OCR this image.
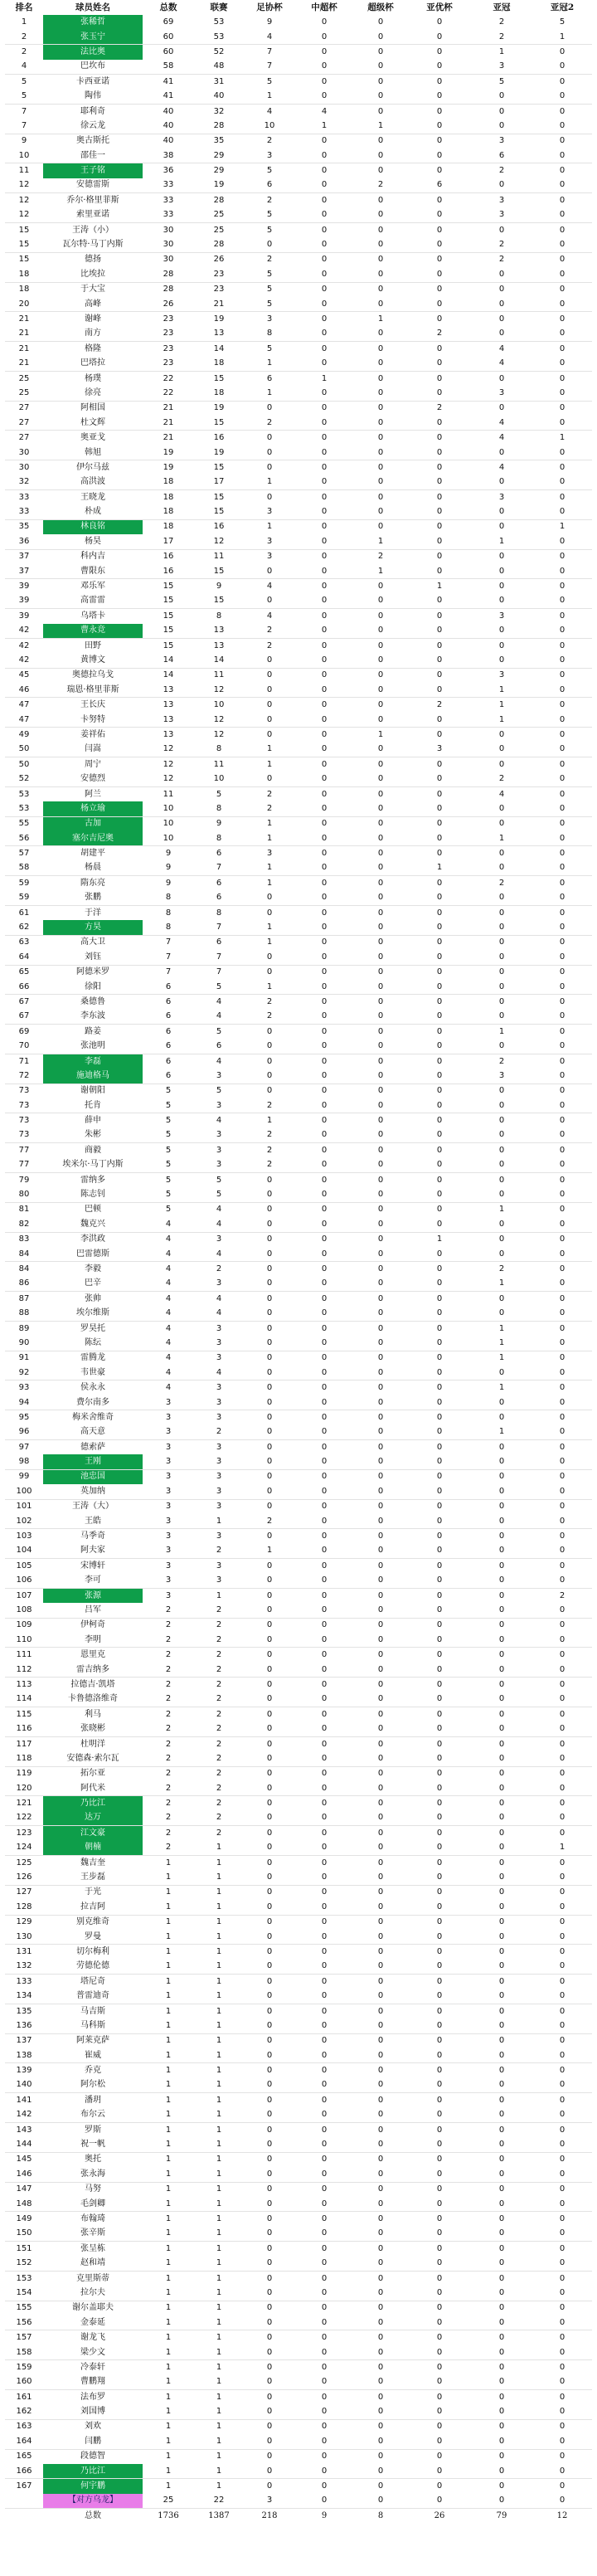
排名	球员姓名	总数	联赛	足协杯	中超杯	超级杯	亚优杯	亚冠	亚冠2
1	张稀哲	69	53	9	0	0	0	2	5
2	张玉宁	60	53	4	0	0	0	2	1
2	法比奥	60	52	7	0	0	0	1	0
4	巴坎布	58	48	7	0	0	0	3	0
5	卡西亚诺	41	31	5	0	0	0	5	0
5	陶伟	41	40	1	0	0	0	0	0
7	耶利奇	40	32	4	4	0	0	0	0
7	徐云龙	40	28	10	1	1	0	0	0
9	奥古斯托	40	35	2	0	0	0	3	0
10	邵佳一	38	29	3	0	0	0	6	0
11	王子铭	36	29	5	0	0	0	2	0
12	安德雷斯	33	19	6	0	2	6	0	0
12	乔尔·格里菲斯	33	28	2	0	0	0	3	0
12	索里亚诺	33	25	5	0	0	0	3	0
15	王涛（小）	30	25	5	0	0	0	0	0
15	瓦尔特·马丁内斯	30	28	0	0	0	0	2	0
15	德扬	30	26	2	0	0	0	2	0
18	比埃拉	28	23	5	0	0	0	0	0
18	于大宝	28	23	5	0	0	0	0	0
20	高峰	26	21	5	0	0	0	0	0
21	谢峰	23	19	3	0	1	0	0	0
21	南方	23	13	8	0	0	2	0	0
21	格隆	23	14	5	0	0	0	4	0
21	巴塔拉	23	18	1	0	0	0	4	0
25	杨璞	22	15	6	1	0	0	0	0
25	徐亮	22	18	1	0	0	0	3	0
27	阿相国	21	19	0	0	0	2	0	0
27	杜文辉	21	15	2	0	0	0	4	0
27	奥亚戈	21	16	0	0	0	0	4	1
30	韩旭	19	19	0	0	0	0	0	0
30	伊尔马兹	19	15	0	0	0	0	4	0
32	高洪波	18	17	1	0	0	0	0	0
33	王晓龙	18	15	0	0	0	0	3	0
33	朴成	18	15	3	0	0	0	0	0
35	林良铭	18	16	1	0	0	0	0	1
36	杨昊	17	12	3	0	1	0	1	0
37	科内吉	16	11	3	0	2	0	0	0
37	曹限东	16	15	0	0	1	0	0	0
39	邓乐军	15	9	4	0	0	1	0	0
39	高雷雷	15	15	0	0	0	0	0	0
39	乌塔卡	15	8	4	0	0	0	3	0
42	曹永竞	15	13	2	0	0	0	0	0
42	田野	15	13	2	0	0	0	0	0
42	黄博文	14	14	0	0	0	0	0	0
45	奥德拉乌戈	14	11	0	0	0	0	3	0
46	瑞恩·格里菲斯	13	12	0	0	0	0	1	0
47	王长庆	13	10	0	0	0	2	1	0
47	卡努特	13	12	0	0	0	0	1	0
49	姜祥佑	13	12	0	0	1	0	0	0
50	闫嵩	12	8	1	0	0	3	0	0
50	周宁	12	11	1	0	0	0	0	0
52	安德烈	12	10	0	0	0	0	2	0
53	阿兰	11	5	2	0	0	0	4	0
53	杨立瑜	10	8	2	0	0	0	0	0
55	古加	10	9	1	0	0	0	0	0
56	塞尔吉尼奥	10	8	1	0	0	0	1	0
57	胡建平	9	6	3	0	0	0	0	0
58	杨晨	9	7	1	0	0	1	0	0
59	隋东亮	9	6	1	0	0	0	2	0
59	张鹏	8	6	0	0	0	0	0	0
61	于洋	8	8	0	0	0	0	0	0
62	方昊	8	7	1	0	0	0	0	0
63	高大卫	7	6	1	0	0	0	0	0
64	刘钰	7	7	0	0	0	0	0	0
65	阿德米罗	7	7	0	0	0	0	0	0
66	徐阳	6	5	1	0	0	0	0	0
67	桑德鲁	6	4	2	0	0	0	0	0
67	李东波	6	4	2	0	0	0	0	0
69	路姜	6	5	0	0	0	0	1	0
70	张池明	6	6	0	0	0	0	0	0
71	李磊	6	4	0	0	0	0	2	0
72	施迪格马	6	3	0	0	0	0	3	0
73	谢朝阳	5	5	0	0	0	0	0	0
73	托肯	5	3	2	0	0	0	0	0
73	薛申	5	4	1	0	0	0	0	0
73	朱彬	5	3	2	0	0	0	0	0
77	商毅	5	3	2	0	0	0	0	0
77	埃米尔·马丁内斯	5	3	2	0	0	0	0	0
79	雷纳多	5	5	0	0	0	0	0	0
80	陈志钊	5	5	0	0	0	0	0	0
81	巴顿	5	4	0	0	0	0	1	0
82	魏克兴	4	4	0	0	0	0	0	0
83	李洪政	4	3	0	0	0	1	0	0
84	巴雷德斯	4	4	0	0	0	0	0	0
84	李毅	4	2	0	0	0	0	2	0
86	巴辛	4	3	0	0	0	0	1	0
87	张帅	4	4	0	0	0	0	0	0
88	埃尔维斯	4	4	0	0	0	0	0	0
89	罗昊托	4	3	0	0	0	0	1	0
90	陈纭	4	3	0	0	0	0	1	0
91	雷腾龙	4	3	0	0	0	0	1	0
92	韦世豪	4	4	0	0	0	0	0	0
93	侯永永	4	3	0	0	0	0	1	0
94	费尔南多	3	3	0	0	0	0	0	0
95	梅米舍维奇	3	3	0	0	0	0	0	0
96	高天意	3	2	0	0	0	0	1	0
97	德索萨	3	3	0	0	0	0	0	0
98	王刚	3	3	0	0	0	0	0	0
99	池忠国	3	3	0	0	0	0	0	0
100	英加纳	3	3	0	0	0	0	0	0
101	王涛（大）	3	3	0	0	0	0	0	0
102	王皓	3	1	2	0	0	0	0	0
103	马季奇	3	3	0	0	0	0	0	0
104	阿夫家	3	2	1	0	0	0	0	0
105	宋博轩	3	3	0	0	0	0	0	0
106	李可	3	3	0	0	0	0	0	0
107	张源	3	1	0	0	0	0	0	2
108	吕军	2	2	0	0	0	0	0	0
109	伊柯奇	2	2	0	0	0	0	0	0
110	李明	2	2	0	0	0	0	0	0
111	恩里克	2	2	0	0	0	0	0	0
112	雷吉纳多	2	2	0	0	0	0	0	0
113	拉德吉·凯塔	2	2	0	0	0	0	0	0
114	卡鲁德洛维奇	2	2	0	0	0	0	0	0
115	利马	2	2	0	0	0	0	0	0
116	张晓彬	2	2	0	0	0	0	0	0
117	杜明洋	2	2	0	0	0	0	0	0
118	安德森·索尔瓦	2	2	0	0	0	0	0	0
119	拓尔亚	2	2	0	0	0	0	0	0
120	阿代米	2	2	0	0	0	0	0	0
121	乃比江	2	2	0	0	0	0	0	0
122	达万	2	2	0	0	0	0	0	0
123	江文豪	2	2	0	0	0	0	0	0
124	朝楠	2	1	0	0	0	0	0	1
125	魏吉奎	1	1	0	0	0	0	0	0
126	王步磊	1	1	0	0	0	0	0	0
127	于光	1	1	0	0	0	0	0	0
128	拉吉阿	1	1	0	0	0	0	0	0
129	别克维奇	1	1	0	0	0	0	0	0
130	罗曼	1	1	0	0	0	0	0	0
131	切尔梅利	1	1	0	0	0	0	0	0
132	劳德伦德	1	1	0	0	0	0	0	0
133	塔尼奇	1	1	0	0	0	0	0	0
134	普雷迪奇	1	1	0	0	0	0	0	0
135	马吉斯	1	1	0	0	0	0	0	0
136	马科斯	1	1	0	0	0	0	0	0
137	阿莱克萨	1	1	0	0	0	0	0	0
138	崔威	1	1	0	0	0	0	0	0
139	乔克	1	1	0	0	0	0	0	0
140	阿尔松	1	1	0	0	0	0	0	0
141	潘玥	1	1	0	0	0	0	0	0
142	布尔云	1	1	0	0	0	0	0	0
143	罗斯	1	1	0	0	0	0	0	0
144	祝一帆	1	1	0	0	0	0	0	0
145	奥托	1	1	0	0	0	0	0	0
146	张永海	1	1	0	0	0	0	0	0
147	马努	1	1	0	0	0	0	0	0
148	毛剑卿	1	1	0	0	0	0	0	0
149	布翰琦	1	1	0	0	0	0	0	0
150	张辛斯	1	1	0	0	0	0	0	0
151	张呈栋	1	1	0	0	0	0	0	0
152	赵和靖	1	1	0	0	0	0	0	0
153	克里斯蒂	1	1	0	0	0	0	0	0
154	拉尔夫	1	1	0	0	0	0	0	0
155	谢尔盖耶夫	1	1	0	0	0	0	0	0
156	金泰延	1	1	0	0	0	0	0	0
157	谢龙飞	1	1	0	0	0	0	0	0
158	梁少文	1	1	0	0	0	0	0	0
159	冷泰轩	1	1	0	0	0	0	0	0
160	曹鹏翔	1	1	0	0	0	0	0	0
161	法布罗	1	1	0	0	0	0	0	0
162	刘国博	1	1	0	0	0	0	0	0
163	刘欢	1	1	0	0	0	0	0	0
164	闫鹏	1	1	0	0	0	0	0	0
165	段德智	1	1	0	0	0	0	0	0
166	乃比江	1	1	0	0	0	0	0	0
167	何宇鹏	1	1	0	0	0	0	0	0
	【对方乌龙】	25	22	3	0	0	0	0	0
	总数	1736	1387	218	9	8	26	79	12
